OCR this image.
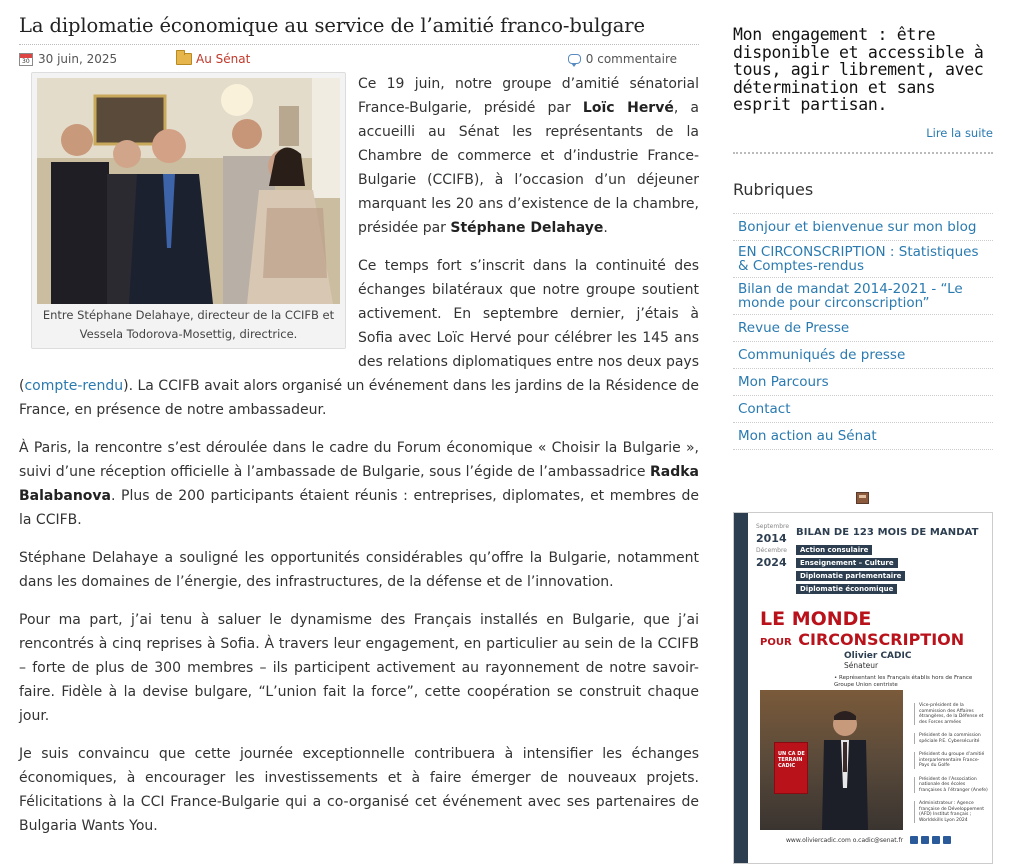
La diplomatie économique au service de l’amitié franco-bulgare
30 30 juin, 2025	Au Sénat	0 commentaire
Entre Stéphane Delahaye, directeur de la CCIFB et Vessela Todorova-Mosettig, directrice.

Ce 19 juin, notre groupe d’amitié sénatorial France-Bulgarie, présidé par Loïc Hervé, a accueilli au Sénat les représentants de la Chambre de commerce et d’industrie France-Bulgarie (CCIFB), à l’occasion d’un déjeuner marquant les 20 ans d’existence de la chambre, présidée par Stéphane Delahaye.

Ce temps fort s’inscrit dans la continuité des échanges bilatéraux que notre groupe soutient activement. En septembre dernier, j’étais à Sofia avec Loïc Hervé pour célébrer les 145 ans des relations diplomatiques entre nos deux pays (compte-rendu). La CCIFB avait alors organisé un événement dans les jardins de la Résidence de France, en présence de notre ambassadeur.

À Paris, la rencontre s’est déroulée dans le cadre du Forum économique « Choisir la Bulgarie », suivi d’une réception officielle à l’ambassade de Bulgarie, sous l’égide de l’ambassadrice Radka Balabanova. Plus de 200 participants étaient réunis : entreprises, diplomates, et membres de la CCIFB.

Stéphane Delahaye a souligné les opportunités considérables qu’offre la Bulgarie, notamment dans les domaines de l’énergie, des infrastructures, de la défense et de l’innovation.

Pour ma part, j’ai tenu à saluer le dynamisme des Français installés en Bulgarie, que j’ai rencontrés à cinq reprises à Sofia. À travers leur engagement, en particulier au sein de la CCIFB – forte de plus de 300 membres – ils participent activement au rayonnement de notre savoir-faire. Fidèle à la devise bulgare, “L’union fait la force”, cette coopération se construit chaque jour.

Je suis convaincu que cette journée exceptionnelle contribuera à intensifier les échanges économiques, à encourager les investissements et à faire émerger de nouveaux projets. Félicitations à la CCI France-Bulgarie qui a co-organisé cet événement avec ses partenaires de Bulgaria Wants You.

Mon engagement : être disponible et accessible à tous, agir librement, avec détermination et sans esprit partisan.

Lire la suite
Rubriques
Bonjour et bienvenue sur mon blog
EN CIRCONSCRIPTION : Statistiques & Comptes-rendus
Bilan de mandat 2014-2021 - “Le monde pour circonscription”
Revue de Presse
Communiqués de presse
Mon Parcours
Contact
Mon action au Sénat
Septembre
2014
Décembre
2024
BILAN DE 123 MOIS DE MANDAT
Action consulaire
Enseignement – Culture
Diplomatie parlementaire
Diplomatie économique
LE MONDE
POUR CIRCONSCRIPTION
Olivier CADIC
Sénateur
• Représentant les Français établis hors de France
Groupe Union centriste
UN CA DE TERRAIN CADIC
Vice-président de la commission des Affaires étrangères, de la Défense et des Forces armées
Président de la commission spéciale P.E. Cybersécurité
Président du groupe d’amitié interparlementaire France-Pays du Golfe
Président de l’Association nationale des écoles françaises à l’étranger (Anefe)
Administrateur : Agence française de Développement (AFD) Institut français ; Worldskills Lyon 2024
www.oliviercadic.com o.cadic@senat.fr
